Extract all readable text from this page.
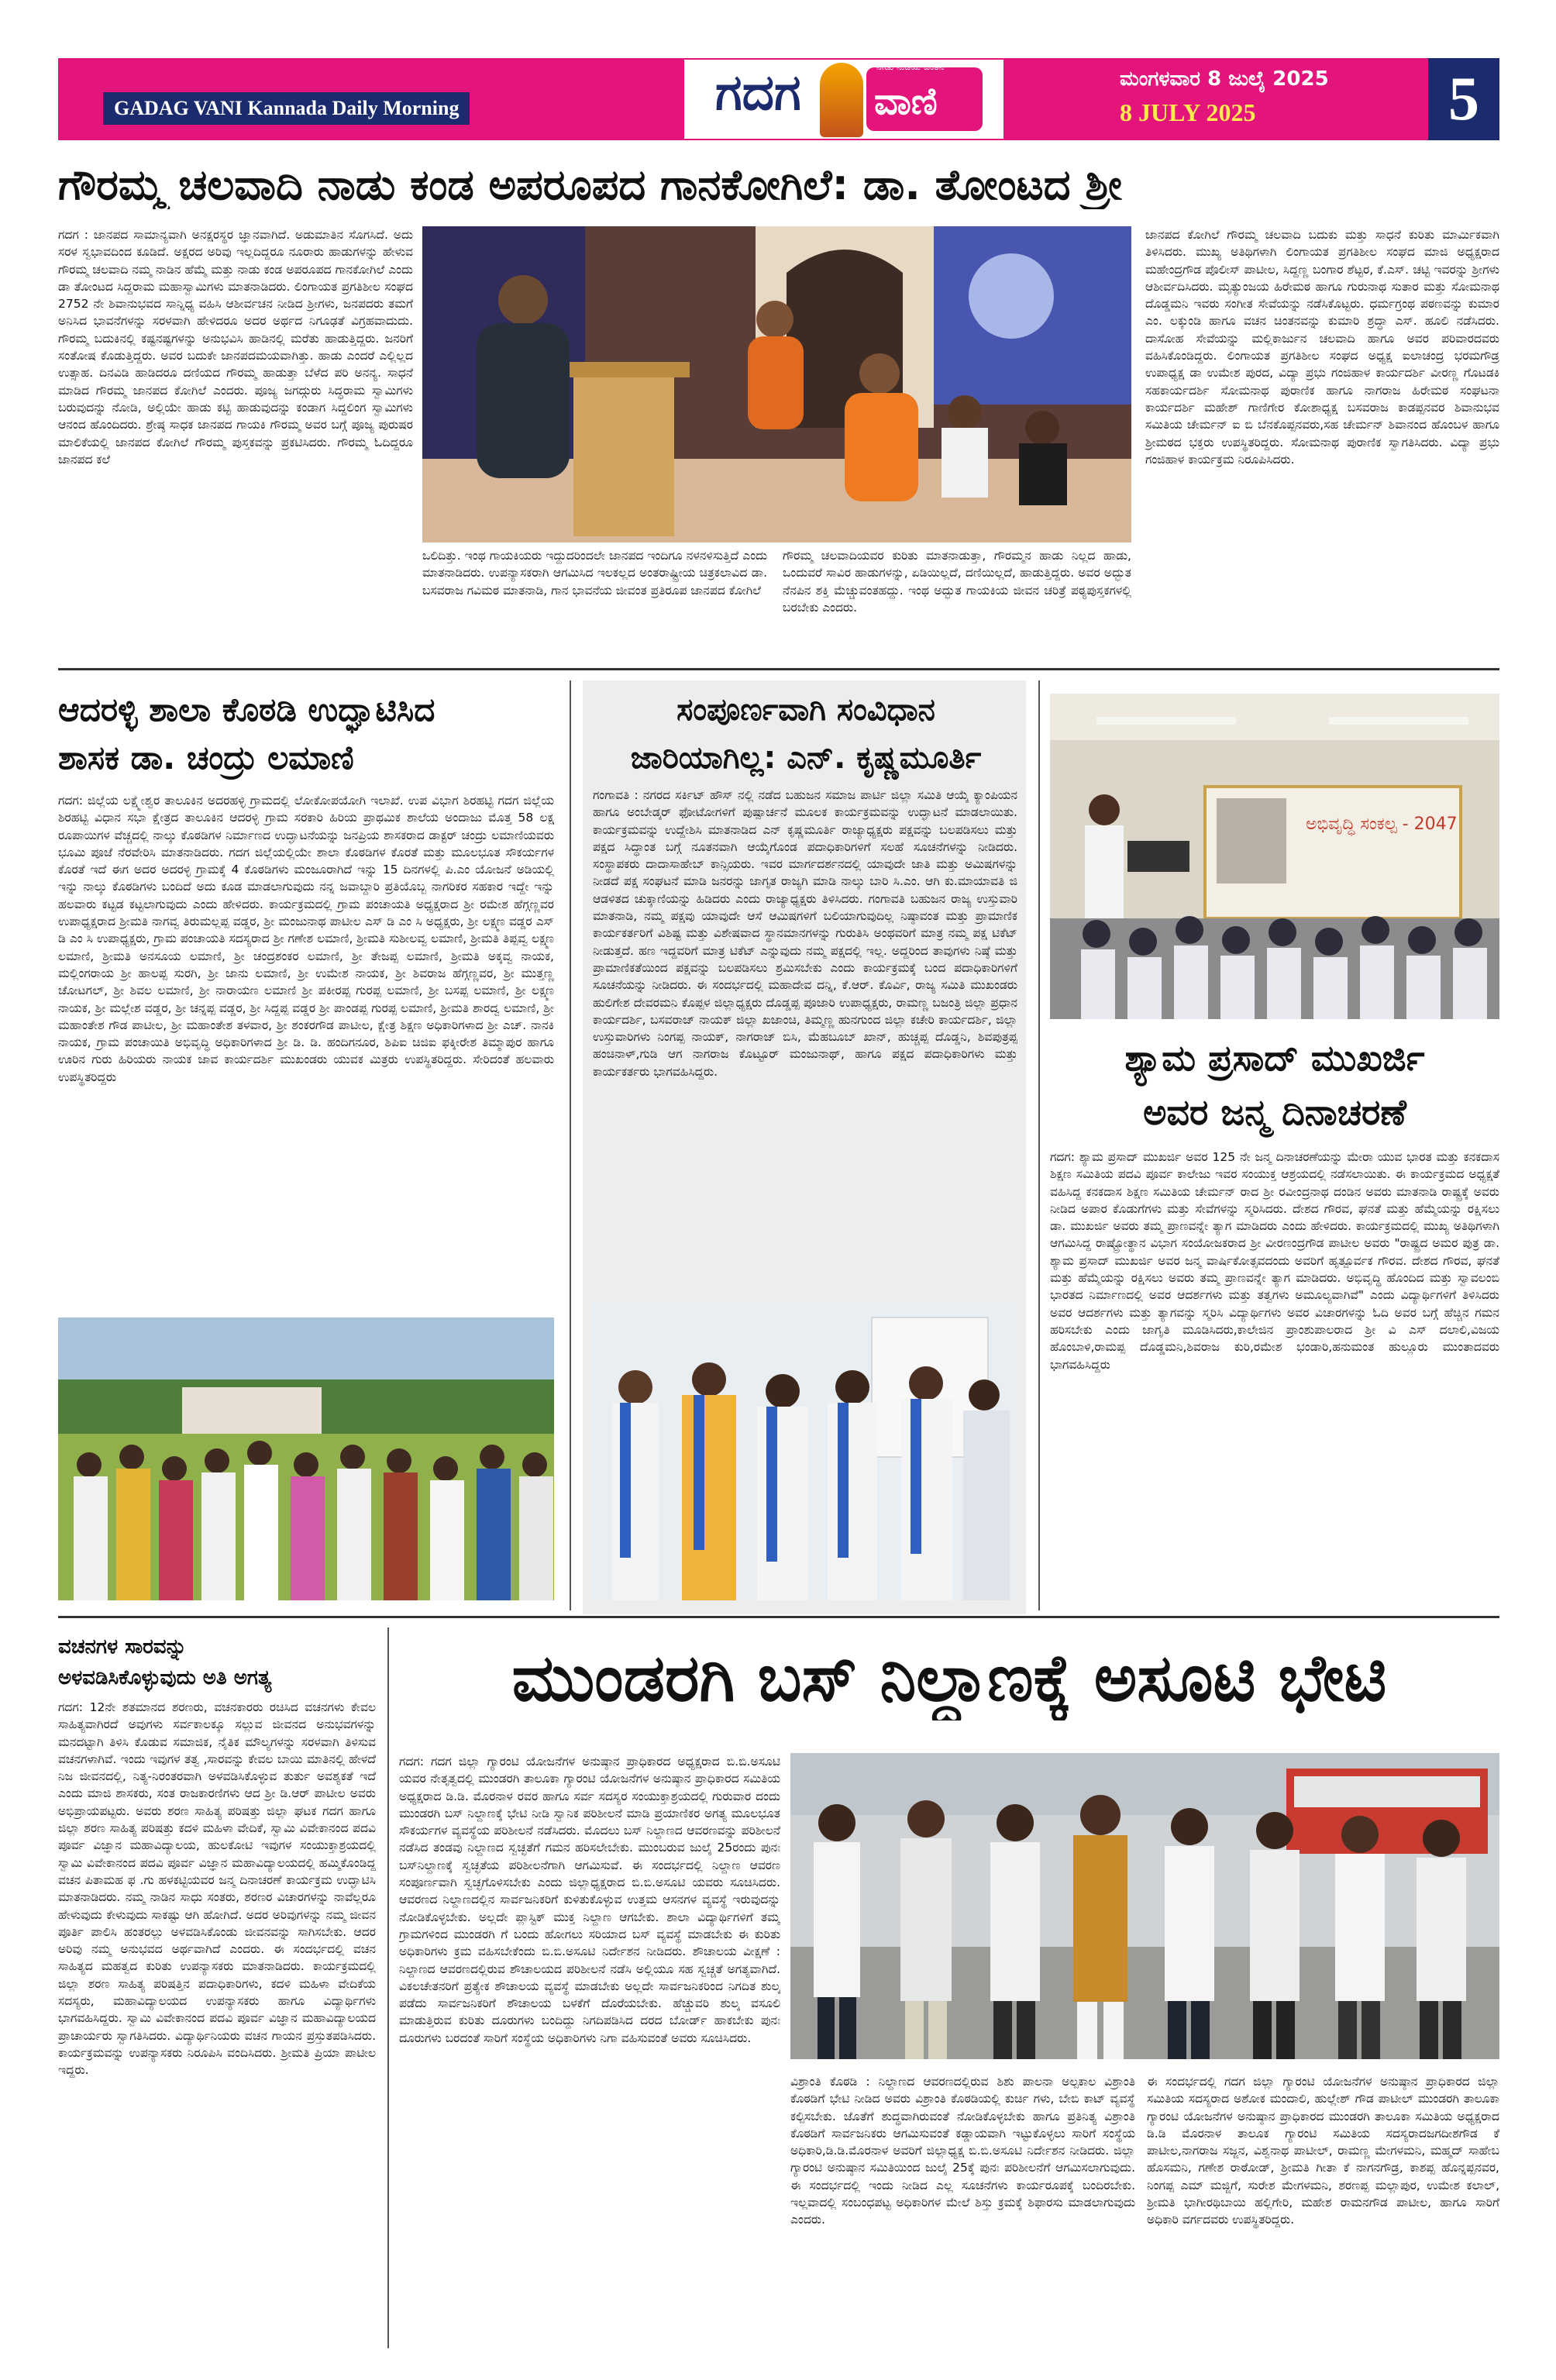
GADAG VANI Kannada Daily Morning	ಗದಗ ವಾಣಿ
ನಾಡು ನುಡಿಯ ಚಿಂತನ
ಮಂಗಳವಾರ 8 ಜುಲೈ 2025
8 JULY 2025	5
ಗೌರಮ್ಮ ಚಲವಾದಿ ನಾಡು ಕಂಡ ಅಪರೂಪದ ಗಾನಕೋಗಿಲೆ: ಡಾ. ತೋಂಟದ ಶ್ರೀ
ಗದಗ : ಜಾನಪದ ಸಾಮಾನ್ಯವಾಗಿ ಅನಕ್ಷರಸ್ಥರ ಜ್ಞಾನವಾಗಿದೆ. ಅಡುಮಾತಿನ ಸೊಗಸಿದೆ. ಅದು ಸರಳ ಸ್ವಭಾವದಿಂದ ಕೂಡಿದೆ. ಅಕ್ಷರದ ಅರಿವು ಇಲ್ಲದಿದ್ದರೂ ನೂರಾರು ಹಾಡುಗಳನ್ನು ಹೇಳುವ ಗೌರಮ್ಮ ಚಲವಾದಿ ನಮ್ಮ ನಾಡಿನ ಹೆಮ್ಮೆ ಮತ್ತು ನಾಡು ಕಂಡ ಅಪರೂಪದ ಗಾನಕೋಗಿಲೆ ಎಂದು ಡಾ ತೋಂಟದ ಸಿದ್ದರಾಮ ಮಹಾಸ್ವಾಮಿಗಳು ಮಾತನಾಡಿದರು. ಲಿಂಗಾಯತ ಪ್ರಗತಿಶೀಲ ಸಂಘದ 2752 ನೇ ಶಿವಾನುಭವದ ಸಾನ್ನಿಧ್ಯ ವಹಿಸಿ ಆಶೀರ್ವಚನ ನೀಡಿದ ಶ್ರೀಗಳು, ಜನಪದರು ತಮಗೆ ಅನಿಸಿದ ಭಾವನೆಗಳನ್ನು ಸರಳವಾಗಿ ಹೇಳಿದರೂ ಅದರ ಅರ್ಥದ ನಿಗೂಢತೆ ವಿಗ್ರಹವಾದುದು. ಗೌರಮ್ಮ ಬದುಕಿನಲ್ಲಿ ಕಷ್ಟನಷ್ಟಗಳನ್ನು ಅನುಭವಿಸಿ ಹಾಡಿನಲ್ಲಿ ಮರೆತು ಹಾಡುತ್ತಿದ್ದರು. ಜನರಿಗೆ ಸಂತೋಷ ಕೊಡುತ್ತಿದ್ದರು. ಅವರ ಬದುಕೇ ಜಾನಪದಮಯವಾಗಿತ್ತು. ಹಾಡು ಎಂದರೆ ಎಲ್ಲಿಲ್ಲದ ಉತ್ಸಾಹ. ದಿನವಿಡಿ ಹಾಡಿದರೂ ದಣಿಯದ ಗೌರಮ್ಮ ಹಾಡುತ್ತಾ ಬೆಳೆದ ಪರಿ ಅನನ್ಯ. ಸಾಧನೆ ಮಾಡಿದ ಗೌರಮ್ಮ ಜಾನಪದ ಕೋಗಿಲೆ ಎಂದರು. ಪೂಜ್ಯ ಜಗದ್ಗುರು ಸಿದ್ಧರಾಮ ಸ್ವಾಮಿಗಳು ಬರುವುದನ್ನು ನೋಡಿ, ಅಲ್ಲಿಯೇ ಹಾಡು ಕಟ್ಟಿ ಹಾಡುವುದನ್ನು ಕಂಡಾಗ ಸಿದ್ದಲಿಂಗ ಸ್ವಾಮಿಗಳು ಆನಂದ ಹೊಂದಿದರು. ಶ್ರೇಷ್ಠ ಸಾಧಕ ಜಾನಪದ ಗಾಯಕಿ ಗೌರಮ್ಮ ಅವರ ಬಗ್ಗೆ ಪೂಜ್ಯ ಪುರುಷರ ಮಾಲಿಕೆಯಲ್ಲಿ ಜಾನಪದ ಕೋಗಿಲೆ ಗೌರಮ್ಮ ಪುಸ್ತಕವನ್ನು ಪ್ರಕಟಿಸಿದರು. ಗೌರಮ್ಮ ಓದಿದ್ದರೂ ಜಾನಪದ ಕಲೆ
ಒಲಿದಿತ್ತು. ಇಂಥ ಗಾಯಕಿಯರು ಇದ್ದುದರಿಂದಲೇ ಜಾನಪದ ಇಂದಿಗೂ ನಳನಳಿಸುತ್ತಿದೆ ಎಂದು ಮಾತನಾಡಿದರು. ಉಪನ್ಯಾಸಕರಾಗಿ ಆಗಮಿಸಿದ ಇಲಕಲ್ಲದ ಅಂತರಾಷ್ಟ್ರೀಯ ಚಿತ್ರಕಲಾವಿದ ಡಾ. ಬಸವರಾಜ ಗವಿಮಠ ಮಾತನಾಡಿ, ಗಾನ ಭಾವನೆಯ ಜೀವಂತ ಪ್ರತಿರೂಪ ಜಾನಪದ ಕೋಗಿಲೆ
ಗೌರಮ್ಮ ಚಲವಾದಿಯವರ ಕುರಿತು ಮಾತನಾಡುತ್ತಾ, ಗೌರಮ್ಮನ ಹಾಡು ನಿಲ್ಲದ ಹಾಡು, ಒಂದುವರೆ ಸಾವಿರ ಹಾಡುಗಳನ್ನು, ಏಡಿಯಿಲ್ಲದೆ, ದಣಿಯಿಲ್ಲದೆ, ಹಾಡುತ್ತಿದ್ದರು. ಅವರ ಅದ್ಭುತ ನೆನಪಿನ ಶಕ್ತಿ ಮೆಚ್ಚುವಂತಹದ್ದು. ಇಂಥ ಅದ್ಭುತ ಗಾಯಕಿಯ ಜೀವನ ಚರಿತ್ರೆ ಪಠ್ಯಪುಸ್ತಕಗಳಲ್ಲಿ ಬರಬೇಕು ಎಂದರು.
ಜಾನಪದ ಕೋಗಿಲೆ ಗೌರಮ್ಮ ಚಲವಾದಿ ಬದುಕು ಮತ್ತು ಸಾಧನೆ ಕುರಿತು ಮಾರ್ಮಿಕವಾಗಿ ತಿಳಿಸಿದರು. ಮುಖ್ಯ ಅತಿಥಿಗಳಾಗಿ ಲಿಂಗಾಯತ ಪ್ರಗತಿಶೀಲ ಸಂಘದ ಮಾಜಿ ಅಧ್ಯಕ್ಷರಾದ ಮಹೇಂದ್ರಗೌಡ ಪೊಲೀಸ್ ಪಾಟೀಲ, ಸಿದ್ದಣ್ಣ ಬಂಗಾರ ಶೆಟ್ಟರ, ಕೆ.ಎಸ್. ಚಟ್ಟಿ ಇವರನ್ನು ಶ್ರೀಗಳು ಆಶೀರ್ವದಿಸಿದರು. ಮೃತ್ಯುಂಜಯ ಹಿರೇಮಠ ಹಾಗೂ ಗುರುನಾಥ ಸುತಾರ ಮತ್ತು ಸೋಮನಾಥ ದೊಡ್ಡಮನಿ ಇವರು ಸಂಗೀತ ಸೇವೆಯನ್ನು ನಡೆಸಿಕೊಟ್ಟರು. ಧರ್ಮಗ್ರಂಥ ಪಠಣವನ್ನು ಕುಮಾರ ಎಂ. ಲಕ್ಕುಂಡಿ ಹಾಗೂ ವಚನ ಚಿಂತನವನ್ನು ಕುಮಾರಿ ಶ್ರದ್ಧಾ ಎಸ್. ಹೂಲಿ ನಡೆಸಿದರು. ದಾಸೋಹ ಸೇವೆಯನ್ನು ಮಲ್ಲಿಕಾರ್ಜುನ ಚಲವಾದಿ ಹಾಗೂ ಅವರ ಪರಿವಾರದವರು ವಹಿಸಿಕೊಂಡಿದ್ದರು. ಲಿಂಗಾಯತ ಪ್ರಗತಿಶೀಲ ಸಂಘದ ಅಧ್ಯಕ್ಷ ಐಲಾಚಂದ್ರ ಭರಮಗೌಡ್ರ ಉಪಾಧ್ಯಕ್ಷ ಡಾ ಉಮೇಶ ಪುರದ, ವಿದ್ಯಾ ಪ್ರಭು ಗಂಜಿಹಾಳ ಕಾರ್ಯದರ್ಶಿ ವೀರಣ್ಣ ಗೊಟಡಕಿ ಸಹಕಾರ್ಯದರ್ಶಿ ಸೋಮನಾಥ ಪುರಾಣಿಕ ಹಾಗೂ ನಾಗರಾಜ ಹಿರೇಮಠ ಸಂಘಟನಾ ಕಾರ್ಯದರ್ಶಿ ಮಹೇಶ್ ಗಾಣಿಗೇರ ಕೋಶಾಧ್ಯಕ್ಷ ಬಸವರಾಜ ಕಾಡಪ್ಪನವರ ಶಿವಾನುಭವ ಸಮಿತಿಯ ಚೇರ್ಮನ್ ಐ ಬಿ ಬೆನಕೊಪ್ಪನವರು,ಸಹ ಚೇರ್ಮನ್ ಶಿವಾನಂದ ಹೊಂಬಳ ಹಾಗೂ ಶ್ರೀಮಠದ ಭಕ್ತರು ಉಪಸ್ಥಿತರಿದ್ದರು. ಸೋಮನಾಥ ಪುರಾಣಿಕ ಸ್ವಾಗತಿಸಿದರು. ವಿದ್ಯಾ ಪ್ರಭು ಗಂಜಿಹಾಳ ಕಾರ್ಯಕ್ರಮ ನಿರೂಪಿಸಿದರು.
ಆದರಳ್ಳಿ ಶಾಲಾ ಕೊಠಡಿ ಉದ್ಘಾಟಿಸಿದ
ಶಾಸಕ ಡಾ. ಚಂದ್ರು ಲಮಾಣಿ
ಗದಗ: ಜಿಲ್ಲೆಯ ಲಕ್ಷ್ಮೇಶ್ವರ ತಾಲೂಕಿನ ಅದರಹಳ್ಳಿ ಗ್ರಾಮದಲ್ಲಿ ಲೋಕೋಪಯೋಗಿ ಇಲಾಖೆ. ಉಪ ವಿಭಾಗ ಶಿರಹಟ್ಟಿ ಗದಗ ಜಿಲ್ಲೆಯ ಶಿರಹಟ್ಟಿ ವಿಧಾನ ಸಭಾ ಕ್ಷೇತ್ರದ ತಾಲೂಕಿನ ಆದರಳ್ಳಿ ಗ್ರಾಮ ಸರಕಾರಿ ಹಿರಿಯ ಪ್ರಾಥಮಿಕ ಶಾಲೆಯ ಅಂದಾಜು ಮೊತ್ತ 58 ಲಕ್ಷ ರೂಪಾಯಿಗಳ ವೆಚ್ಚದಲ್ಲಿ ನಾಲ್ಕು ಕೊಠಡಿಗಳ ನಿರ್ಮಾಣದ ಉದ್ಘಾಟನೆಯನ್ನು ಜನಪ್ರಿಯ ಶಾಸಕರಾದ ಡಾಕ್ಟರ್ ಚಂದ್ರು ಲಮಾಣಿಯವರು ಭೂಮಿ ಪೂಜೆ ನೆರವೇರಿಸಿ ಮಾತನಾಡಿದರು. ಗದಗ ಜಿಲ್ಲೆಯಲ್ಲಿಯೇ ಶಾಲಾ ಕೊಠಡಿಗಳ ಕೊರತೆ ಮತ್ತು ಮೂಲಭೂತ ಸೌಕರ್ಯಗಳ ಕೊರತೆ ಇದೆ ಈಗ ಅದರ ಅದರಳ್ಳಿ ಗ್ರಾಮಕ್ಕೆ 4 ಕೊಠಡಿಗಳು ಮಂಜೂರಾಗಿದೆ ಇನ್ನು 15 ದಿನಗಳಲ್ಲಿ ಪಿ.ಎಂ ಯೋಜನೆ ಅಡಿಯಲ್ಲಿ ಇನ್ನು ನಾಲ್ಕು ಕೊಠಡಿಗಳು ಬಂದಿದೆ ಅದು ಕೂಡ ಮಾಡಲಾಗುವುದು ನನ್ನ ಜವಾಬ್ದಾರಿ ಪ್ರತಿಯೊಬ್ಬ ನಾಗರಿಕರ ಸಹಕಾರ ಇದ್ದೇ ಇನ್ನು ಹಲವಾರು ಕಟ್ಟಡ ಕಟ್ಟಲಾಗುವುದು ಎಂದು ಹೇಳಿದರು. ಕಾರ್ಯಕ್ರಮದಲ್ಲಿ ಗ್ರಾಮ ಪಂಚಾಯತಿ ಅಧ್ಯಕ್ಷರಾದ ಶ್ರೀ ರಮೇಶ ಹೆಗ್ಗಣ್ಣವರ ಉಪಾಧ್ಯಕ್ಷರಾದ ಶ್ರೀಮತಿ ನಾಗವ್ವ ತಿರುಮಲ್ಲಪ್ಪ ವಡ್ಡರ, ಶ್ರೀ ಮಂಜುನಾಥ ಪಾಟೀಲ ಎಸ್ ಡಿ ಎಂ ಸಿ ಅಧ್ಯಕ್ಷರು, ಶ್ರೀ ಲಕ್ಷ್ಮಣ ವಡ್ಡರ ಎಸ್ ಡಿ ಎಂ ಸಿ ಉಪಾಧ್ಯಕ್ಷರು, ಗ್ರಾಮ ಪಂಚಾಯತಿ ಸದಸ್ಯರಾದ ಶ್ರೀ ಗಣೇಶ ಲಮಾಣಿ, ಶ್ರೀಮತಿ ಸುಶೀಲವ್ವ ಲಮಾಣಿ, ಶ್ರೀಮತಿ ತಿಪ್ಪವ್ವ ಲಕ್ಷ್ಮಣ ಲಮಾಣಿ, ಶ್ರೀಮತಿ ಅನಸೂಯ ಲಮಾಣಿ, ಶ್ರೀ ಚಂದ್ರಶಂಕರ ಲಮಾಣಿ, ಶ್ರೀ ತೇಜಪ್ಪ ಲಮಾಣಿ, ಶ್ರೀಮತಿ ಅಕ್ಕವ್ವ ನಾಯಕ, ಮಲ್ಲಿಂಗರಾಯ ಶ್ರೀ ಹಾಲಪ್ಪ ಸುರಗಿ, ಶ್ರೀ ಜಾನು ಲಮಾಣಿ, ಶ್ರೀ ಉಮೇಶ ನಾಯಕ, ಶ್ರೀ ಶಿವರಾಜ ಹೆಗ್ಗಣ್ಣವರ, ಶ್ರೀ ಮುತ್ತಣ್ಣ ಚೋಟಗಲ್, ಶ್ರೀ ಶಿವಲ ಲಮಾಣಿ, ಶ್ರೀ ನಾರಾಯಣ ಲಮಾಣಿ ಶ್ರೀ ಪಕೀರಪ್ಪ ಗುರಪ್ಪ ಲಮಾಣಿ, ಶ್ರೀ ಬಸಪ್ಪ ಲಮಾಣಿ, ಶ್ರೀ ಲಕ್ಷ್ಮಣ ನಾಯಕ, ಶ್ರೀ ಮಲ್ಲೇಶ ವಡ್ಡರ, ಶ್ರೀ ಚನ್ನಪ್ಪ ವಡ್ಡರ, ಶ್ರೀ ಸಿದ್ದಪ್ಪ ವಡ್ಡರ ಶ್ರೀ ಪಾಂಡಪ್ಪ ಗುರಪ್ಪ ಲಮಾಣಿ, ಶ್ರೀಮತಿ ಶಾರದ್ವ ಲಮಾಣಿ, ಶ್ರೀ ಮಹಾಂತೇಶ ಗೌಡ ಪಾಟೀಲ, ಶ್ರೀ ಮಹಾಂತೇಶ ತಳವಾರ, ಶ್ರೀ ಶಂಕರಗೌಡ ಪಾಟೀಲ, ಕ್ಷೇತ್ರ ಶಿಕ್ಷಣ ಅಧಿಕಾರಿಗಳಾದ ಶ್ರೀ ಎಚ್. ನಾನಕಿ ನಾಯಕ, ಗ್ರಾಮ ಪಂಚಾಯಿತಿ ಅಭಿವೃದ್ಧಿ ಅಧಿಕಾರಿಗಳಾದ ಶ್ರೀ ಡಿ. ಡಿ. ಹಂದಿಗನೂರ, ಶಿಪಿಐ ಚಿಜಿಐ ಫಕ್ಕೀರೇಶ ತಿಮ್ಮಾಪುರ ಹಾಗೂ ಊರಿನ ಗುರು ಹಿರಿಯರು ನಾಯಕ ಜಾವ ಕಾರ್ಯದರ್ಶಿ ಮುಖಂಡರು ಯುವಕ ಮಿತ್ರರು ಉಪಸ್ಥಿತರಿದ್ದರು. ಸೇರಿದಂತೆ ಹಲವಾರು ಉಪಸ್ಥಿತರಿದ್ದರು
ಸಂಪೂರ್ಣವಾಗಿ ಸಂವಿಧಾನ
ಜಾರಿಯಾಗಿಲ್ಲ: ಎನ್. ಕೃಷ್ಣಮೂರ್ತಿ
ಗಂಗಾವತಿ : ನಗರದ ಸರ್ಕಿಟ್ ಹೌಸ್ ನಲ್ಲಿ ನಡೆದ ಬಹುಜನ ಸಮಾಜ ಪಾರ್ಟಿ ಜಿಲ್ಲಾ ಸಮಿತಿ ಆಯ್ಕೆ ಕ್ಯಾಂಪಿಯನ ಹಾಗೂ ಅಂಬೇಡ್ಕರ್ ಫೋಟೋಗಳಿಗೆ ಪುಷ್ಪಾರ್ಚನೆ ಮೂಲಕ ಕಾರ್ಯಕ್ರಮವನ್ನು ಉದ್ಘಾಟನೆ ಮಾಡಲಾಯಿತು. ಕಾರ್ಯಕ್ರಮವನ್ನು ಉದ್ದೇಶಿಸಿ ಮಾತನಾಡಿದ ಎನ್ ಕೃಷ್ಣಮೂರ್ತಿ ರಾಜ್ಯಾಧ್ಯಕ್ಷರು ಪಕ್ಷವನ್ನು ಬಲಪಡಿಸಲು ಮತ್ತು ಪಕ್ಷದ ಸಿದ್ಧಾಂತ ಬಗ್ಗೆ ನೂತನವಾಗಿ ಆಯ್ಕೆಗೊಂಡ ಪದಾಧಿಕಾರಿಗಳಿಗೆ ಸಲಹೆ ಸೂಚನೆಗಳನ್ನು ನೀಡಿದರು. ಸಂಸ್ಥಾಪಕರು ದಾದಾಸಾಹೇಬ್ ಕಾನ್ಸಿಯರು. ಇವರ ಮಾರ್ಗದರ್ಶನದಲ್ಲಿ ಯಾವುದೇ ಜಾತಿ ಮತ್ತು ಅಮಿಷಗಳನ್ನು ನೀಡದೆ ಪಕ್ಷ ಸಂಘಟನೆ ಮಾಡಿ ಜನರನ್ನು ಜಾಗೃತ ರಾಜ್ಯಗಿ ಮಾಡಿ ನಾಲ್ಕು ಬಾರಿ ಸಿ.ಎಂ. ಆಗಿ ಕು.ಮಾಯಾವತಿ ಜಿ ಆಡಳಿತದ ಚುಕ್ಕಾಣಿಯನ್ನು ಹಿಡಿದರು ಎಂದು ರಾಜ್ಯಾಧ್ಯಕ್ಷರು ತಿಳಿಸಿದರು. ಗಂಗಾವತಿ ಬಹುಜನ ರಾಜ್ಯ ಉಸ್ತುವಾರಿ ಮಾತನಾಡಿ, ನಮ್ಮ ಪಕ್ಷವು ಯಾವುದೇ ಆಸೆ ಆಮಿಷಗಳಿಗೆ ಬಲಿಯಾಗುವುದಿಲ್ಲ ನಿಷ್ಠಾವಂತ ಮತ್ತು ಪ್ರಾಮಾಣಿಕ ಕಾರ್ಯಕರ್ತರಿಗೆ ವಿಶಿಷ್ಟ ಮತ್ತು ವಿಶೇಷವಾದ ಸ್ಥಾನಮಾನಗಳನ್ನು ಗುರುತಿಸಿ ಅಂಥವರಿಗೆ ಮಾತ್ರ ನಮ್ಮ ಪಕ್ಷ ಟಿಕೆಟ್ ನೀಡುತ್ತದೆ. ಹಣ ಇದ್ದವರಿಗೆ ಮಾತ್ರ ಟಿಕೆಟ್ ಎನ್ನುವುದು ನಮ್ಮ ಪಕ್ಷದಲ್ಲಿ ಇಲ್ಲ. ಅದ್ದರಿಂದ ತಾವುಗಳು ನಿಷ್ಠೆ ಮತ್ತು ಪ್ರಾಮಾಣಿಕತೆಯಿಂದ ಪಕ್ಷವನ್ನು ಬಲಪಡಿಸಲು ಶ್ರಮಿಸಬೇಕು ಎಂದು ಕಾರ್ಯಕ್ರಮಕ್ಕೆ ಬಂದ ಪದಾಧಿಕಾರಿಗಳಿಗೆ ಸೂಚನೆಯನ್ನು ನೀಡಿದರು. ಈ ಸಂದರ್ಭದಲ್ಲಿ ಮಹಾದೇವ ದನ್ನಿ, ಕೆ.ಆರ್. ಕೊರ್ವಿ, ರಾಜ್ಯ ಸಮಿತಿ ಮುಖಂಡರು ಹುಲಿಗೇಶ ದೇವರಮನಿ ಕೊಪ್ಪಳ ಜಿಲ್ಲಾಧ್ಯಕ್ಷರು ದೊಡ್ಡಪ್ಪ ಪೂಜಾರಿ ಉಪಾಧ್ಯಕ್ಷರು, ರಾಮಣ್ಣ ಬಜಂತ್ರಿ ಜಿಲ್ಲಾ ಪ್ರಧಾನ ಕಾರ್ಯದರ್ಶಿ, ಬಸವರಾಜ್ ನಾಯಕ್ ಜಿಲ್ಲಾ ಖಜಾಂಚಿ, ತಿಮ್ಮಣ್ಣ ಹುನಗುಂದ ಜಿಲ್ಲಾ ಕಚೇರಿ ಕಾರ್ಯದರ್ಶಿ, ಜಿಲ್ಲಾ ಉಸ್ತುವಾರಿಗಳು ನಿಂಗಪ್ಪ ನಾಯಕ್, ನಾಗರಾಜ್ ಬಿಸಿ, ಮೆಹಬೂಬ್ ಖಾನ್, ಹುಚ್ಚಪ್ಪ ದೊಡ್ಡನಿ, ಶಿವಪುತ್ರಪ್ಪ ಹಂಚಿನಾಳ್,ಗುಡಿ ಆಗ ನಾಗರಾಜ ಕೊಟ್ಟೂರ್ ಮಂಜುನಾಥ್, ಹಾಗೂ ಪಕ್ಷದ ಪದಾಧಿಕಾರಿಗಳು ಮತ್ತು ಕಾರ್ಯಕರ್ತರು ಭಾಗವಹಿಸಿದ್ದರು.
ಅಭಿವೃದ್ಧಿ ಸಂಕಲ್ಪ - 2047
ಶ್ಯಾಮ ಪ್ರಸಾದ್ ಮುಖರ್ಜಿ
ಅವರ ಜನ್ಮ ದಿನಾಚರಣೆ
ಗದಗ: ಶ್ಯಾಮ ಪ್ರಸಾದ್ ಮುಖರ್ಜಿ ಅವರ 125 ನೇ ಜನ್ಮ ದಿನಾಚರಣೆಯನ್ನು ಮೇರಾ ಯುವ ಭಾರತ ಮತ್ತು ಕನಕದಾಸ ಶಿಕ್ಷಣ ಸಮಿತಿಯ ಪದವಿ ಪೂರ್ವ ಕಾಲೇಜು ಇವರ ಸಂಯುಕ್ತ ಆಶ್ರಯದಲ್ಲಿ ನಡೆಸಲಾಯಿತು. ಈ ಕಾರ್ಯಕ್ರಮದ ಅಧ್ಯಕ್ಷತೆ ವಹಿಸಿದ್ದ ಕನಕದಾಸ ಶಿಕ್ಷಣ ಸಮಿತಿಯ ಚೇರ್ಮನ್ ರಾದ ಶ್ರೀ ರವೀಂದ್ರನಾಥ ದಂಡಿನ ಅವರು ಮಾತನಾಡಿ ರಾಷ್ಟ್ರಕ್ಕೆ ಅವರು ನೀಡಿದ ಅಪಾರ ಕೊಡುಗೆಗಳು ಮತ್ತು ಸೇವೆಗಳನ್ನು ಸ್ಮರಿಸಿದರು. ದೇಶದ ಗೌರವ, ಘನತೆ ಮತ್ತು ಹೆಮ್ಮೆಯನ್ನು ರಕ್ಷಿಸಲು ಡಾ. ಮುಖರ್ಜಿ ಅವರು ತಮ್ಮ ಪ್ರಾಣವನ್ನೇ ತ್ಯಾಗ ಮಾಡಿದರು ಎಂದು ಹೇಳಿದರು. ಕಾರ್ಯಕ್ರಮದಲ್ಲಿ ಮುಖ್ಯ ಅತಿಥಿಗಳಾಗಿ ಆಗಮಿಸಿದ್ದ ರಾಷ್ಟ್ರೋತ್ಥಾನ ವಿಭಾಗ ಸಂಯೋಜಕರಾದ ಶ್ರೀ ವೀರಣಂದ್ರಗೌಡ ಪಾಟೀಲ ಅವರು "ರಾಷ್ಟ್ರದ ಅಮರ ಪುತ್ರ ಡಾ. ಶ್ಯಾಮ ಪ್ರಸಾದ್ ಮುಖರ್ಜಿ ಅವರ ಜನ್ಮ ವಾರ್ಷಿಕೋತ್ಸವದಂದು ಅವರಿಗೆ ಹೃತ್ಪೂರ್ವಕ ಗೌರವ. ದೇಶದ ಗೌರವ, ಘನತೆ ಮತ್ತು ಹೆಮ್ಮೆಯನ್ನು ರಕ್ಷಿಸಲು ಅವರು ತಮ್ಮ ಪ್ರಾಣವನ್ನೇ ತ್ಯಾಗ ಮಾಡಿದರು. ಅಭಿವೃದ್ಧಿ ಹೊಂದಿದ ಮತ್ತು ಸ್ವಾವಲಂಬಿ ಭಾರತದ ನಿರ್ಮಾಣದಲ್ಲಿ ಅವರ ಆದರ್ಶಗಳು ಮತ್ತು ತತ್ವಗಳು ಅಮೂಲ್ಯವಾಗಿವೆ" ಎಂದು ವಿದ್ಯಾರ್ಥಿಗಳಿಗೆ ತಿಳಿಸಿದರು ಅವರ ಆದರ್ಶಗಳು ಮತ್ತು ತ್ಯಾಗವನ್ನು ಸ್ಮರಿಸಿ ವಿದ್ಯಾರ್ಥಿಗಳು ಅವರ ವಿಚಾರಗಳನ್ನು ಓದಿ ಅವರ ಬಗ್ಗೆ ಹೆಚ್ಚಿನ ಗಮನ ಹರಿಸಬೇಕು ಎಂದು ಜಾಗೃತಿ ಮೂಡಿಸಿದರು,ಕಾಲೇಜಿನ ಪ್ರಾಂಶುಪಾಲರಾದ ಶ್ರೀ ವಿ ಎಸ್ ದಲಾಲಿ,ವಿಜಯ ಹೊಂಬಾಳಿ,ರಾಮಪ್ಪ ದೊಡ್ಡಮನಿ,ಶಿವರಾಜ ಕುರಿ,ರಮೇಶ ಭಂಡಾರಿ,ಹನುಮಂತ ಹುಲ್ಲೂರು ಮುಂತಾದವರು ಭಾಗವಹಿಸಿದ್ದರು
ವಚನಗಳ ಸಾರವನ್ನು
ಅಳವಡಿಸಿಕೊಳ್ಳುವುದು ಅತಿ ಅಗತ್ಯ
ಗದಗ: 12ನೇ ಶತಮಾನದ ಶರಣರು, ವಚನಕಾರರು ರಚಿಸಿದ ವಚನಗಳು ಕೇವಲ ಸಾಹಿತ್ಯವಾಗಿರದೆ ಅವುಗಳು ಸರ್ವಕಾಲಕ್ಕೂ ಸಲ್ಲುವ ಜೀವನದ ಅನುಭವಗಳನ್ನು ಮನದಟ್ಟಾಗಿ ತಿಳಿಸಿ ಕೊಡುವ ಸಮಾಜಿಕ, ನೈತಿಕ ಮೌಲ್ಯಗಳನ್ನು ಸರಳವಾಗಿ ತಿಳಿಸುವ ವಚನಗಳಾಗಿವೆ. ಇಂದು ಇವುಗಳ ತತ್ವ ,ಸಾರವನ್ನು ಕೇವಲ ಬಾಯಿ ಮಾತಿನಲ್ಲಿ ಹೇಳದೆ ನಿಜ ಜೀವನದಲ್ಲಿ, ನಿತ್ಯ-ನಿರಂತರವಾಗಿ ಅಳವಡಿಸಿಕೊಳ್ಳುವ ತುರ್ತು ಅವಶ್ಯಕತೆ ಇದೆ ಎಂದು ಮಾಜಿ ಶಾಸಕರು, ಸಂತ ರಾಜಕಾರಣಿಗಳು ಆದ ಶ್ರೀ ಡಿ.ಆರ್ ಪಾಟೀಲ ಅವರು ಅಭಿಪ್ರಾಯಪಟ್ಟರು. ಅವರು ಶರಣ ಸಾಹಿತ್ಯ ಪರಿಷತ್ತು ಜಿಲ್ಲಾ ಘಟಕ ಗದಗ ಹಾಗೂ ಜಿಲ್ಲಾ ಶರಣ ಸಾಹಿತ್ಯ ಪರಿಷತ್ತು ಕದಳಿ ಮಹಿಳಾ ವೇದಿಕೆ, ಸ್ವಾಮಿ ವಿವೇಕಾನಂದ ಪದವಿ ಪೂರ್ವ ವಿಜ್ಞಾನ ಮಹಾವಿದ್ಯಾಲಯ, ಹುಲಕೋಟಿ ಇವುಗಳ ಸಂಯುಕ್ತಾಶ್ರಯದಲ್ಲಿ ಸ್ವಾಮಿ ವಿವೇಕಾನಂದ ಪದವಿ ಪೂರ್ವ ವಿಜ್ಞಾನ ಮಹಾವಿದ್ಯಾಲಯದಲ್ಲಿ ಹಮ್ಮಿಕೊಂಡಿದ್ದ ವಚನ ಪಿತಾಮಹ ಫ .ಗು ಹಳಕಟ್ಟಿಯವರ ಜನ್ಮ ದಿನಾಚರಣೆ ಕಾರ್ಯಕ್ರಮ ಉದ್ಘಾಟಿಸಿ ಮಾತನಾಡಿದರು. ನಮ್ಮ ನಾಡಿನ ಸಾಧು ಸಂತರು, ಶರಣರ ವಿಚಾರಗಳನ್ನು ನಾವೆಲ್ಲರೂ ಹೇಳುವುದು ಕೇಳುವುದು ಸಾಕಷ್ಟು ಆಗಿ ಹೋಗಿದೆ. ಅದರ ಅರಿವುಗಳನ್ನು ನಮ್ಮ ಜೀವನ ಪೂರ್ತಿ ಪಾಲಿಸಿ ಹಂತರಲ್ಲು ಅಳವಡಿಸಿಕೊಂಡು ಜೀವನವನ್ನು ಸಾಗಿಸಬೇಕು. ಆದರ ಅರಿವು ನಮ್ಮ ಅನುಭವದ ಅರ್ಥವಾಗಿದೆ ಎಂದರು. ಈ ಸಂದರ್ಭದಲ್ಲಿ ವಚನ ಸಾಹಿತ್ಯದ ಮಹತ್ವದ ಕುರಿತು ಉಪನ್ಯಾಸಕರು ಮಾತನಾಡಿದರು. ಕಾರ್ಯಕ್ರಮದಲ್ಲಿ ಜಿಲ್ಲಾ ಶರಣ ಸಾಹಿತ್ಯ ಪರಿಷತ್ತಿನ ಪದಾಧಿಕಾರಿಗಳು, ಕದಳಿ ಮಹಿಳಾ ವೇದಿಕೆಯ ಸದಸ್ಯರು, ಮಹಾವಿದ್ಯಾಲಯದ ಉಪನ್ಯಾಸಕರು ಹಾಗೂ ವಿದ್ಯಾರ್ಥಿಗಳು ಭಾಗವಹಿಸಿದ್ದರು. ಸ್ವಾಮಿ ವಿವೇಕಾನಂದ ಪದವಿ ಪೂರ್ವ ವಿಜ್ಞಾನ ಮಹಾವಿದ್ಯಾಲಯದ ಪ್ರಾಚಾರ್ಯರು ಸ್ವಾಗತಿಸಿದರು. ವಿದ್ಯಾರ್ಥಿನಿಯರು ವಚನ ಗಾಯನ ಪ್ರಸ್ತುತಪಡಿಸಿದರು. ಕಾರ್ಯಕ್ರಮವನ್ನು ಉಪನ್ಯಾಸಕರು ನಿರೂಪಿಸಿ ವಂದಿಸಿದರು. ಶ್ರೀಮತಿ ಪ್ರಿಯಾ ಪಾಟೀಲ ಇದ್ದರು.
ಮುಂಡರಗಿ ಬಸ್ ನಿಲ್ದಾಣಕ್ಕೆ ಅಸೂಟಿ ಭೇಟಿ
ಗದಗ: ಗದಗ ಜಿಲ್ಲಾ ಗ್ಯಾರಂಟಿ ಯೋಜನೆಗಳ ಅನುಷ್ಠಾನ ಪ್ರಾಧಿಕಾರದ ಅಧ್ಯಕ್ಷರಾದ ಬಿ.ಬಿ.ಅಸೂಟಿ ಯವರ ನೇತೃತ್ವದಲ್ಲಿ ಮುಂಡರಗಿ ತಾಲೂಕಾ ಗ್ಯಾರಂಟಿ ಯೋಜನೆಗಳ ಅನುಷ್ಠಾನ ಪ್ರಾಧಿಕಾರದ ಸಮಿತಿಯ ಅಧ್ಯಕ್ಷರಾದ ಡಿ.ಡಿ. ಮೊರನಾಳ ರವರ ಹಾಗೂ ಸರ್ವ ಸದಸ್ಯರ ಸಂಯುಕ್ತಾಶ್ರಯದಲ್ಲಿ ಗುರುವಾರ ದಂದು ಮುಂಡರಗಿ ಬಸ್ ನಿಲ್ದಾಣಕ್ಕೆ ಭೇಟಿ ನೀಡಿ ಸ್ವಾನಿಕ ಪರಿಶೀಲನೆ ಮಾಡಿ ಪ್ರಯಾಣಿಕರ ಅಗತ್ಯ ಮೂಲಭೂತ ಸೌಕರ್ಯಗಳ ವ್ಯವಸ್ಥೆಯ ಪರಿಶೀಲನೆ ನಡೆಸಿದರು. ಮೊದಲು ಬಸ್ ನಿಲ್ದಾಣದ ಆವರಣವನ್ನು ಪರಿಶೀಲನೆ ನಡೆಸಿದ ತಂಡವು ನಿಲ್ದಾಣದ ಸ್ವಚ್ಛತೆಗೆ ಗಮನ ಹರಿಸಲೇಬೇಕು. ಮುಂಬರುವ ಜುಲೈ 25ರಂದು ಪುನಃ ಬಸ್‌ನಿಲ್ದಾಣಕ್ಕೆ ಸ್ವಚ್ಛತೆಯ ಪರಿಶೀಲನೆಗಾಗಿ ಆಗಮಿಸುವೆ. ಈ ಸಂದರ್ಭದಲ್ಲಿ ನಿಲ್ದಾಣ ಆವರಣ ಸಂಪೂರ್ಣವಾಗಿ ಸ್ವಚ್ಛಗೊಳಿಸಬೇಕು ಎಂದು ಜಿಲ್ಲಾಧ್ಯಕ್ಷರಾದ ಬಿ.ಬಿ.ಅಸೂಟಿ ಯವರು ಸೂಚಿಸಿದರು. ಆವರಣದ ನಿಲ್ದಾಣದಲ್ಲಿನ ಸಾರ್ವಜನಿಕರಿಗೆ ಕುಳಿತುಕೊಳ್ಳುವ ಉತ್ತಮ ಆಸನಗಳ ವ್ಯವಸ್ಥೆ ಇರುವುದನ್ನು ನೋಡಿಕೊಳ್ಳಬೇಕು. ಅಲ್ಲದೇ ಪ್ಲಾಸ್ಟಿಕ್ ಮುಕ್ತ ನಿಲ್ದಾಣ ಆಗಬೇಕು. ಶಾಲಾ ವಿದ್ಯಾರ್ಥಿಗಳಿಗೆ ತಮ್ಮ ಗ್ರಾಮಗಳಿಂದ ಮುಂಡರಗಿ ಗೆ ಬಂದು ಹೋಗಲು ಸರಿಯಾದ ಬಸ್ ವ್ಯವಸ್ಥೆ ಮಾಡಬೇಕು ಈ ಕುರಿತು ಅಧಿಕಾರಿಗಳು ಕ್ರಮ ವಹಿಸಬೇಕೆಂದು ಬಿ.ಬಿ.ಅಸೂಟಿ ನಿರ್ದೇಶನ ನೀಡಿದರು. ಶೌಚಾಲಯ ವೀಕ್ಷಣೆ : ನಿಲ್ದಾಣದ ಆವರಣದಲ್ಲಿರುವ ಶೌಚಾಲಯದ ಪರಿಶೀಲನೆ ನಡೆಸಿ ಅಲ್ಲಿಯೂ ಸಹ ಸ್ವಚ್ಚತೆ ಅಗತ್ಯವಾಗಿದೆ. ವಿಕಲಚೇತನರಿಗೆ ಪ್ರತ್ಯೇಕ ಶೌಚಾಲಯ ವ್ಯವಸ್ಥೆ ಮಾಡಬೇಕು ಅಲ್ಲದೇ ಸಾರ್ವಜನಿಕರಿಂದ ನಿಗದಿತ ಶುಲ್ಕ ಪಡೆದು ಸಾರ್ವಜನಿಕರಿಗೆ ಶೌಚಾಲಯ ಬಳಕೆಗೆ ದೊರೆಯಬೇಕು. ಹೆಚ್ಚುವರಿ ಶುಲ್ಕ ವಸೂಲಿ ಮಾಡುತ್ತಿರುವ ಕುರಿತು ದೂರುಗಳು ಬಂದಿದ್ದು ನಿಗದಿಪಡಿಸಿದ ದರದ ಬೋರ್ಡ್ ಹಾಕಬೇಕು ಪುನಃ ದೂರುಗಳು ಬರದಂತೆ ಸಾರಿಗೆ ಸಂಸ್ಥೆಯ ಅಧಿಕಾರಿಗಳು ನಿಗಾ ವಹಿಸುವಂತೆ ಅವರು ಸೂಚಿಸಿದರು.
ವಿಶ್ರಾಂತಿ ಕೊಠಡಿ : ನಿಲ್ದಾಣದ ಆವರಣದಲ್ಲಿರುವ ಶಿಶು ಪಾಲನಾ ಅಲ್ಪಕಾಲ ವಿಶ್ರಾಂತಿ ಕೊಠಡಿಗೆ ಭೇಟಿ ನೀಡಿದ ಅವರು ವಿಶ್ರಾಂತಿ ಕೊಠಡಿಯಲ್ಲಿ ಕುರ್ಚಿ ಗಳು, ಬೇಬಿ ಕಾಟ್ ವ್ಯವಸ್ಥೆ ಕಲ್ಪಿಸಬೇಕು. ಜೊತೆಗೆ ಶುದ್ಧವಾಗಿರುವಂತೆ ನೋಡಿಕೊಳ್ಳಬೇಕು ಹಾಗೂ ಪ್ರತಿನಿತ್ಯ ವಿಶ್ರಾಂತಿ ಕೊಠಡಿಗೆ ಸಾರ್ವಜನಿಕರು ಆಗಮಿಸುವಂತೆ ಕಡ್ಡಾಯವಾಗಿ ಇಟ್ಟುಕೊಳ್ಳಲು ಸಾರಿಗೆ ಸಂಸ್ಥೆಯ ಅಧಿಕಾರಿ,ಡಿ.ಡಿ.ಮೊರನಾಳ ಅವರಿಗೆ ಜಿಲ್ಲಾಧ್ಯಕ್ಷ ಬಿ.ಬಿ.ಅಸೂಟಿ ನಿರ್ದೇಶನ ನೀಡಿದರು. ಜಿಲ್ಲಾ ಗ್ಯಾರಂಟಿ ಅನುಷ್ಠಾನ ಸಮಿತಿಯಿಂದ ಜುಲೈ 25ಕ್ಕೆ ಪುನಃ ಪರಿಶೀಲನೆಗೆ ಆಗಮಿಸಲಾಗುವುದು. ಈ ಸಂದರ್ಭದಲ್ಲಿ ಇಂದು ನೀಡಿದ ಎಲ್ಲ ಸೂಚನೆಗಳು ಕಾರ್ಯರೂಪಕ್ಕೆ ಬಂದಿರಬೇಕು. ಇಲ್ಲವಾದಲ್ಲಿ ಸಂಬಂಧಪಟ್ಟ ಅಧಿಕಾರಿಗಳ ಮೇಲೆ ಶಿಸ್ತು ಕ್ರಮಕ್ಕೆ ಶಿಫಾರಸು ಮಾಡಲಾಗುವುದು ಎಂದರು.
ಈ ಸಂದರ್ಭದಲ್ಲಿ ಗದಗ ಜಿಲ್ಲಾ ಗ್ಯಾರಂಟಿ ಯೋಜನೆಗಳ ಅನುಷ್ಠಾನ ಪ್ರಾಧಿಕಾರದ ಜಿಲ್ಲಾ ಸಮಿತಿಯ ಸದಸ್ಯರಾದ ಅಶೋಕ ಮಂದಾಲಿ, ಹುಲ್ಲೇಶ್ ಗೌಡ ಪಾಟೀಲ್ ಮುಂಡರಗಿ ತಾಲೂಕಾ ಗ್ಯಾರಂಟಿ ಯೋಜನೆಗಳ ಅನುಷ್ಠಾನ ಪ್ರಾಧಿಕಾರದ ಮುಂಡರಗಿ ತಾಲೂಕಾ ಸಮಿತಿಯ ಅಧ್ಯಕ್ಷರಾದ ಡಿ.ಡಿ ಮೊರನಾಳ ತಾಲೂಕ ಗ್ಯಾರಂಟಿ ಸಮಿತಿಯ ಸದಸ್ಯರಾದಜಗದೀಶಗೌಡ ಕೆ ಪಾಟೀಲ,ನಾಗರಾಜ ಸಜ್ಜನ, ವಿಶ್ವನಾಥ ಪಾಟೀಲ್, ರಾಮಣ್ಣ ಮೇಗಳಮನಿ, ಮಹ್ಮದ್ ಸಾಹೇಬ ಹೊಸಮನಿ, ಗಣೇಶ ರಾಠೋಡ್, ಶ್ರೀಮತಿ ಗೀತಾ ಕೆ ನಾಗನಗೌಡ್ರ, ಕಾಶಪ್ಪ ಹೊನ್ನಪ್ಪನವರ, ನಿಂಗಪ್ಪ ಎಮ್ ಮಜ್ಜಿಗೆ, ಸುರೇಶ ಮೇಗಳಮನಿ, ಶರಣಪ್ಪ ಮಲ್ಲಾಪುರ, ಉಮೇಶ ಕಲಾಲ್, ಶ್ರೀಮತಿ ಭಾಗೀರಥಿಬಾಯಿ ಹಲ್ಲಿಗೇರಿ, ಮಹೇಶ ರಾಮನಗೌಡ ಪಾಟೀಲ, ಹಾಗೂ ಸಾರಿಗೆ ಅಧಿಕಾರಿ ವರ್ಗದವರು ಉಪಸ್ಥಿತರಿದ್ದರು.
